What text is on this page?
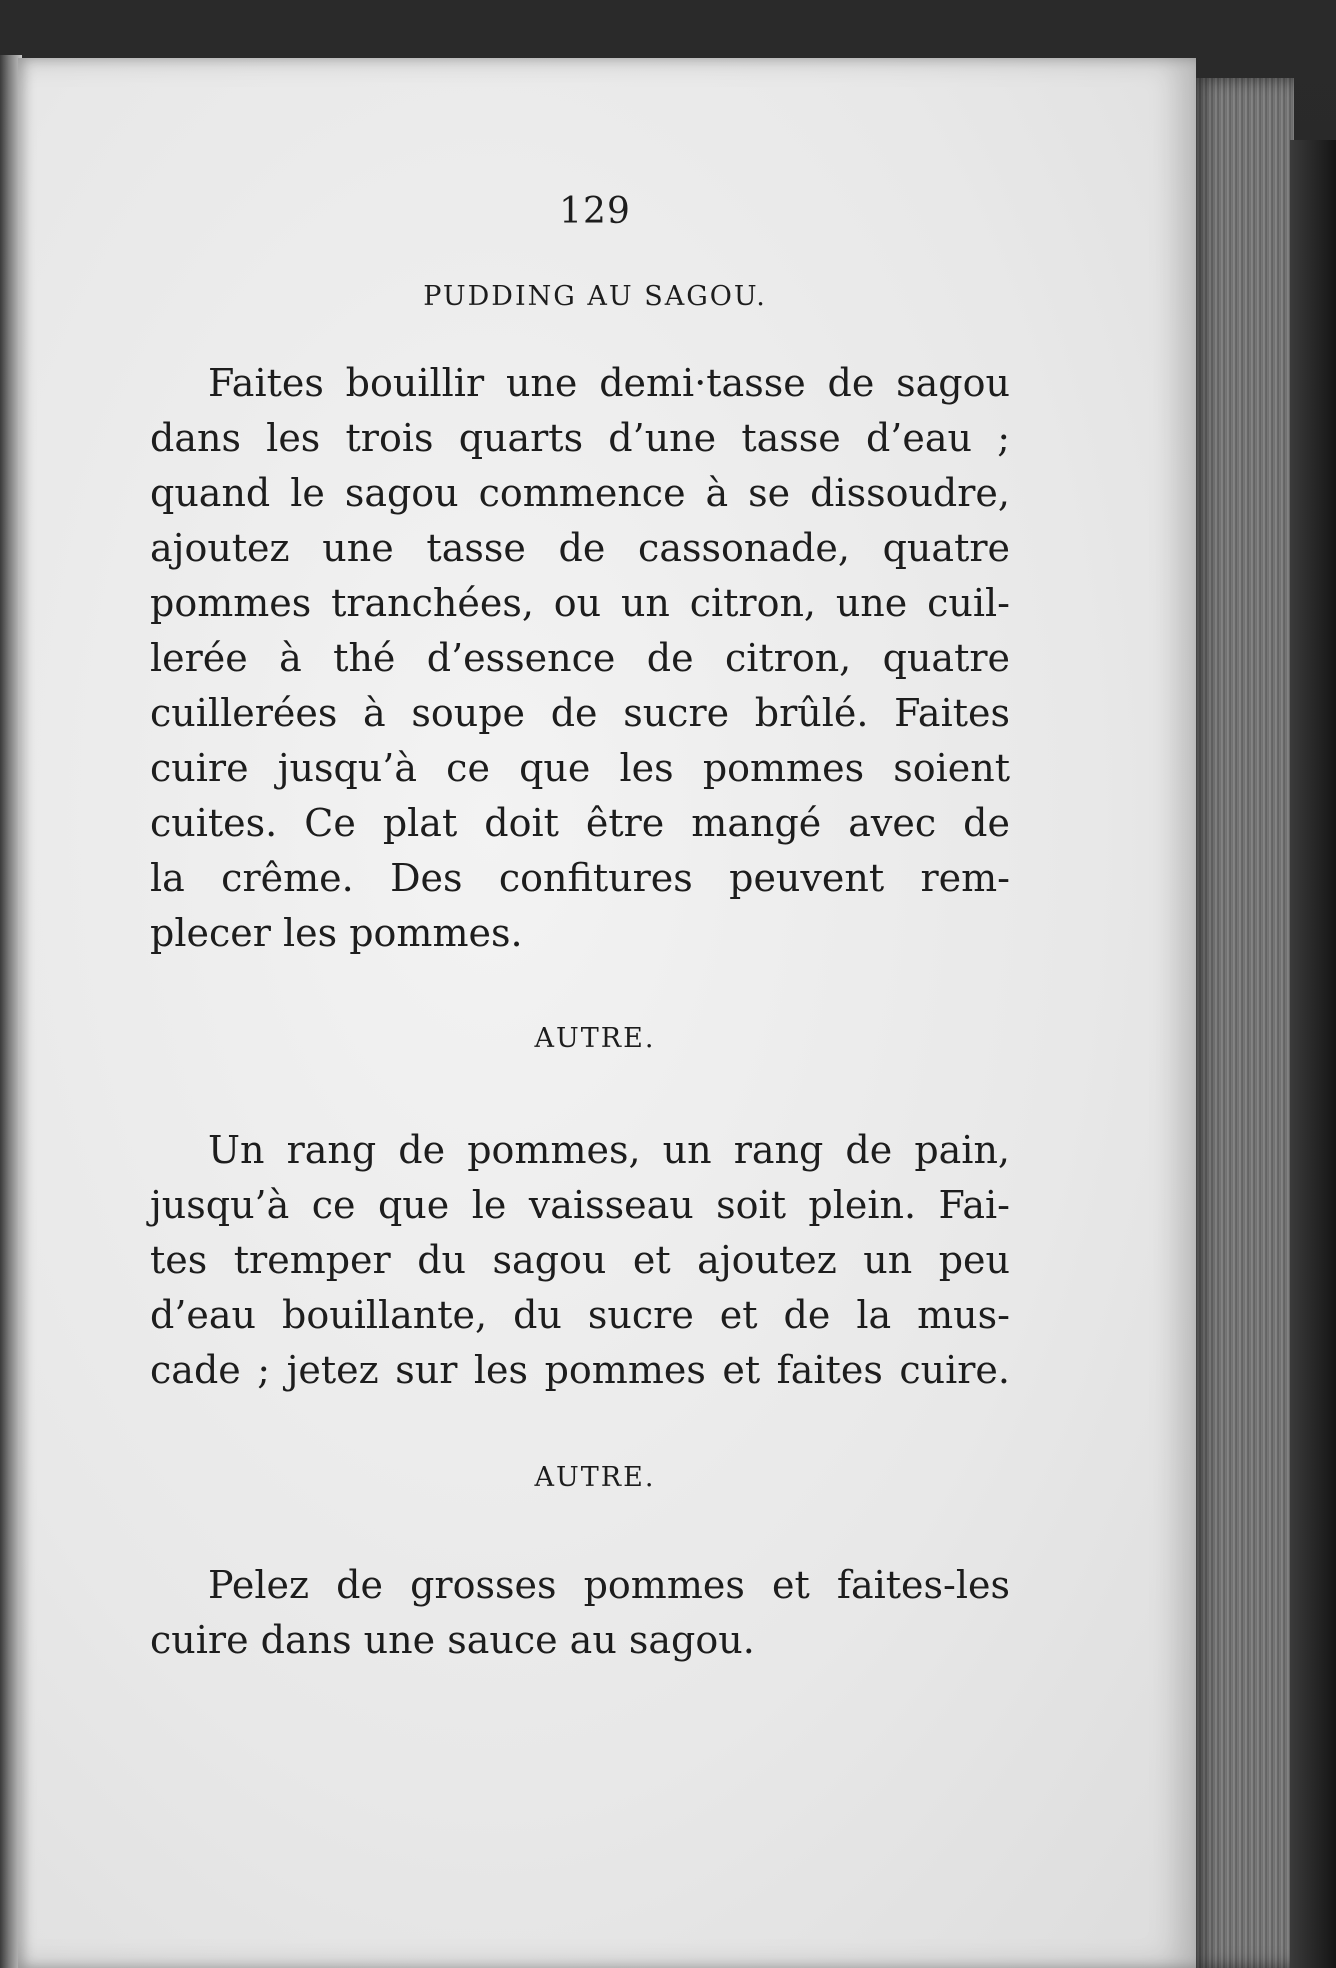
129
PUDDING AU SAGOU.

Faites bouillir une demi·tasse de sagou
dans les trois quarts d’une tasse d’eau ;
quand le sagou commence à se dissoudre,
ajoutez une tasse de cassonade, quatre
pommes tranchées, ou un citron, une cuil-
lerée à thé d’essence de citron, quatre
cuillerées à soupe de sucre brûlé. Faites
cuire jusqu’à ce que les pommes soient
cuites. Ce plat doit être mangé avec de
la crême. Des confitures peuvent rem-
plecer les pommes.

AUTRE.

Un rang de pommes, un rang de pain,
jusqu’à ce que le vaisseau soit plein. Fai-
tes tremper du sagou et ajoutez un peu
d’eau bouillante, du sucre et de la mus-
cade ; jetez sur les pommes et faites cuire.

AUTRE.

Pelez de grosses pommes et faites-les
cuire dans une sauce au sagou.
